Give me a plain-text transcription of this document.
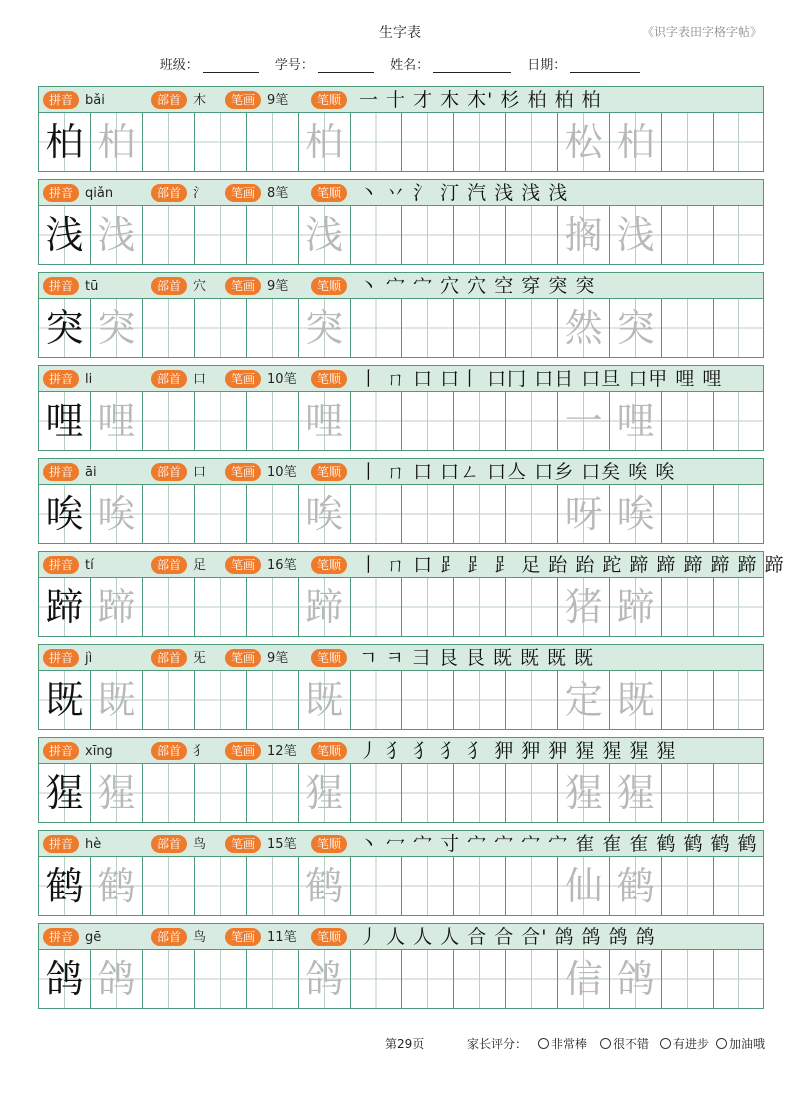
生字表	《识字表田字格字帖》
班级：	学号：	姓名：	日期：
拼音 bǎi	部首 木	笔画 9笔	笔顺 一 十 才 木 木' 杉 柏 柏 柏
柏 柏	柏	松 柏
拼音 qiǎn	部首 氵	笔画 8笔	笔顺 丶 丷 氵 汀 汽 浅 浅 浅
浅 浅	浅	搁 浅
拼音 tū	部首 穴	笔画 9笔	笔顺 丶 宀 宀 穴 穴 空 穿 突 突
突 突	突	然 突
拼音 li	部首 口	笔画 10笔	笔顺 丨 ㄇ 口 口丨 口冂 口日 口旦 口甲 哩 哩
哩 哩	哩	一 哩
拼音 āi	部首 口	笔画 10笔	笔顺 丨 ㄇ 口 口ㄥ 口亼 口乡 口矣 唉 唉
唉 唉	唉	呀 唉
拼音 tí	部首 足	笔画 16笔	笔顺 丨 ㄇ 口 ⻊ ⻊ ⻊ 足 跆 跆 跎 蹄 蹄 蹄 蹄 蹄 蹄
蹄 蹄	蹄	猪 蹄
拼音 jì	部首 旡	笔画 9笔	笔顺 ㄱ ㅋ 彐 艮 艮 既 既 既 既
既 既	既	定 既
拼音 xīng	部首 犭	笔画 12笔	笔顺 丿 犭 犭 犭 犭 狎 狎 狎 猩 猩 猩 猩
猩 猩	猩	猩 猩
拼音 hè	部首 鸟	笔画 15笔	笔顺 丶 冖 宀 寸 宀 宀 宀 宀 隺 隺 隺 鹤 鹤 鹤 鹤
鹤 鹤	鹤	仙 鹤
拼音 gē	部首 鸟	笔画 11笔	笔顺 丿 人 人 人 合 合 合' 鸽 鸽 鸽 鸽
鸽 鸽	鸽	信 鸽
第29页	家长评分：	非常棒	很不错	有进步	加油哦
